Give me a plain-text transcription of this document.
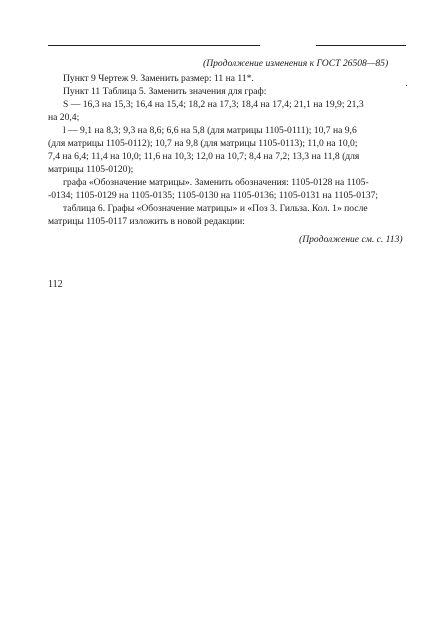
(Продолжение изменения к ГОСТ 26508—85)
Пункт 9 Чертеж 9. Заменить размер: 11 на 11*.
Пункт 11 Таблица 5. Заменить значения для граф:
S — 16,3 на 15,3; 16,4 на 15,4; 18,2 на 17,3; 18,4 на 17,4; 21,1 на 19,9; 21,3
на 20,4;
l — 9,1 на 8,3; 9,3 на 8,6; 6,6 на 5,8 (для матрицы 1105-0111); 10,7 на 9,6
(для матрицы 1105-0112); 10,7 на 9,8 (для матрицы 1105-0113); 11,0 на 10,0;
7,4 на 6,4; 11,4 на 10,0; 11,6 на 10,3; 12,0 на 10,7; 8,4 на 7,2; 13,3 на 11,8 (для
матрицы 1105-0120);
графа «Обозначение матрицы». Заменить обозначения: 1105-0128 на 1105-
-0134; 1105-0129 на 1105-0135; 1105-0130 на 1105-0136; 1105-0131 на 1105-0137;
таблица 6. Графы «Обозначение матрицы» и «Поз 3. Гильза. Кол. 1» после
матрицы 1105-0117 изложить в новой редакции:
(Продолжение см. с. 113)
112
